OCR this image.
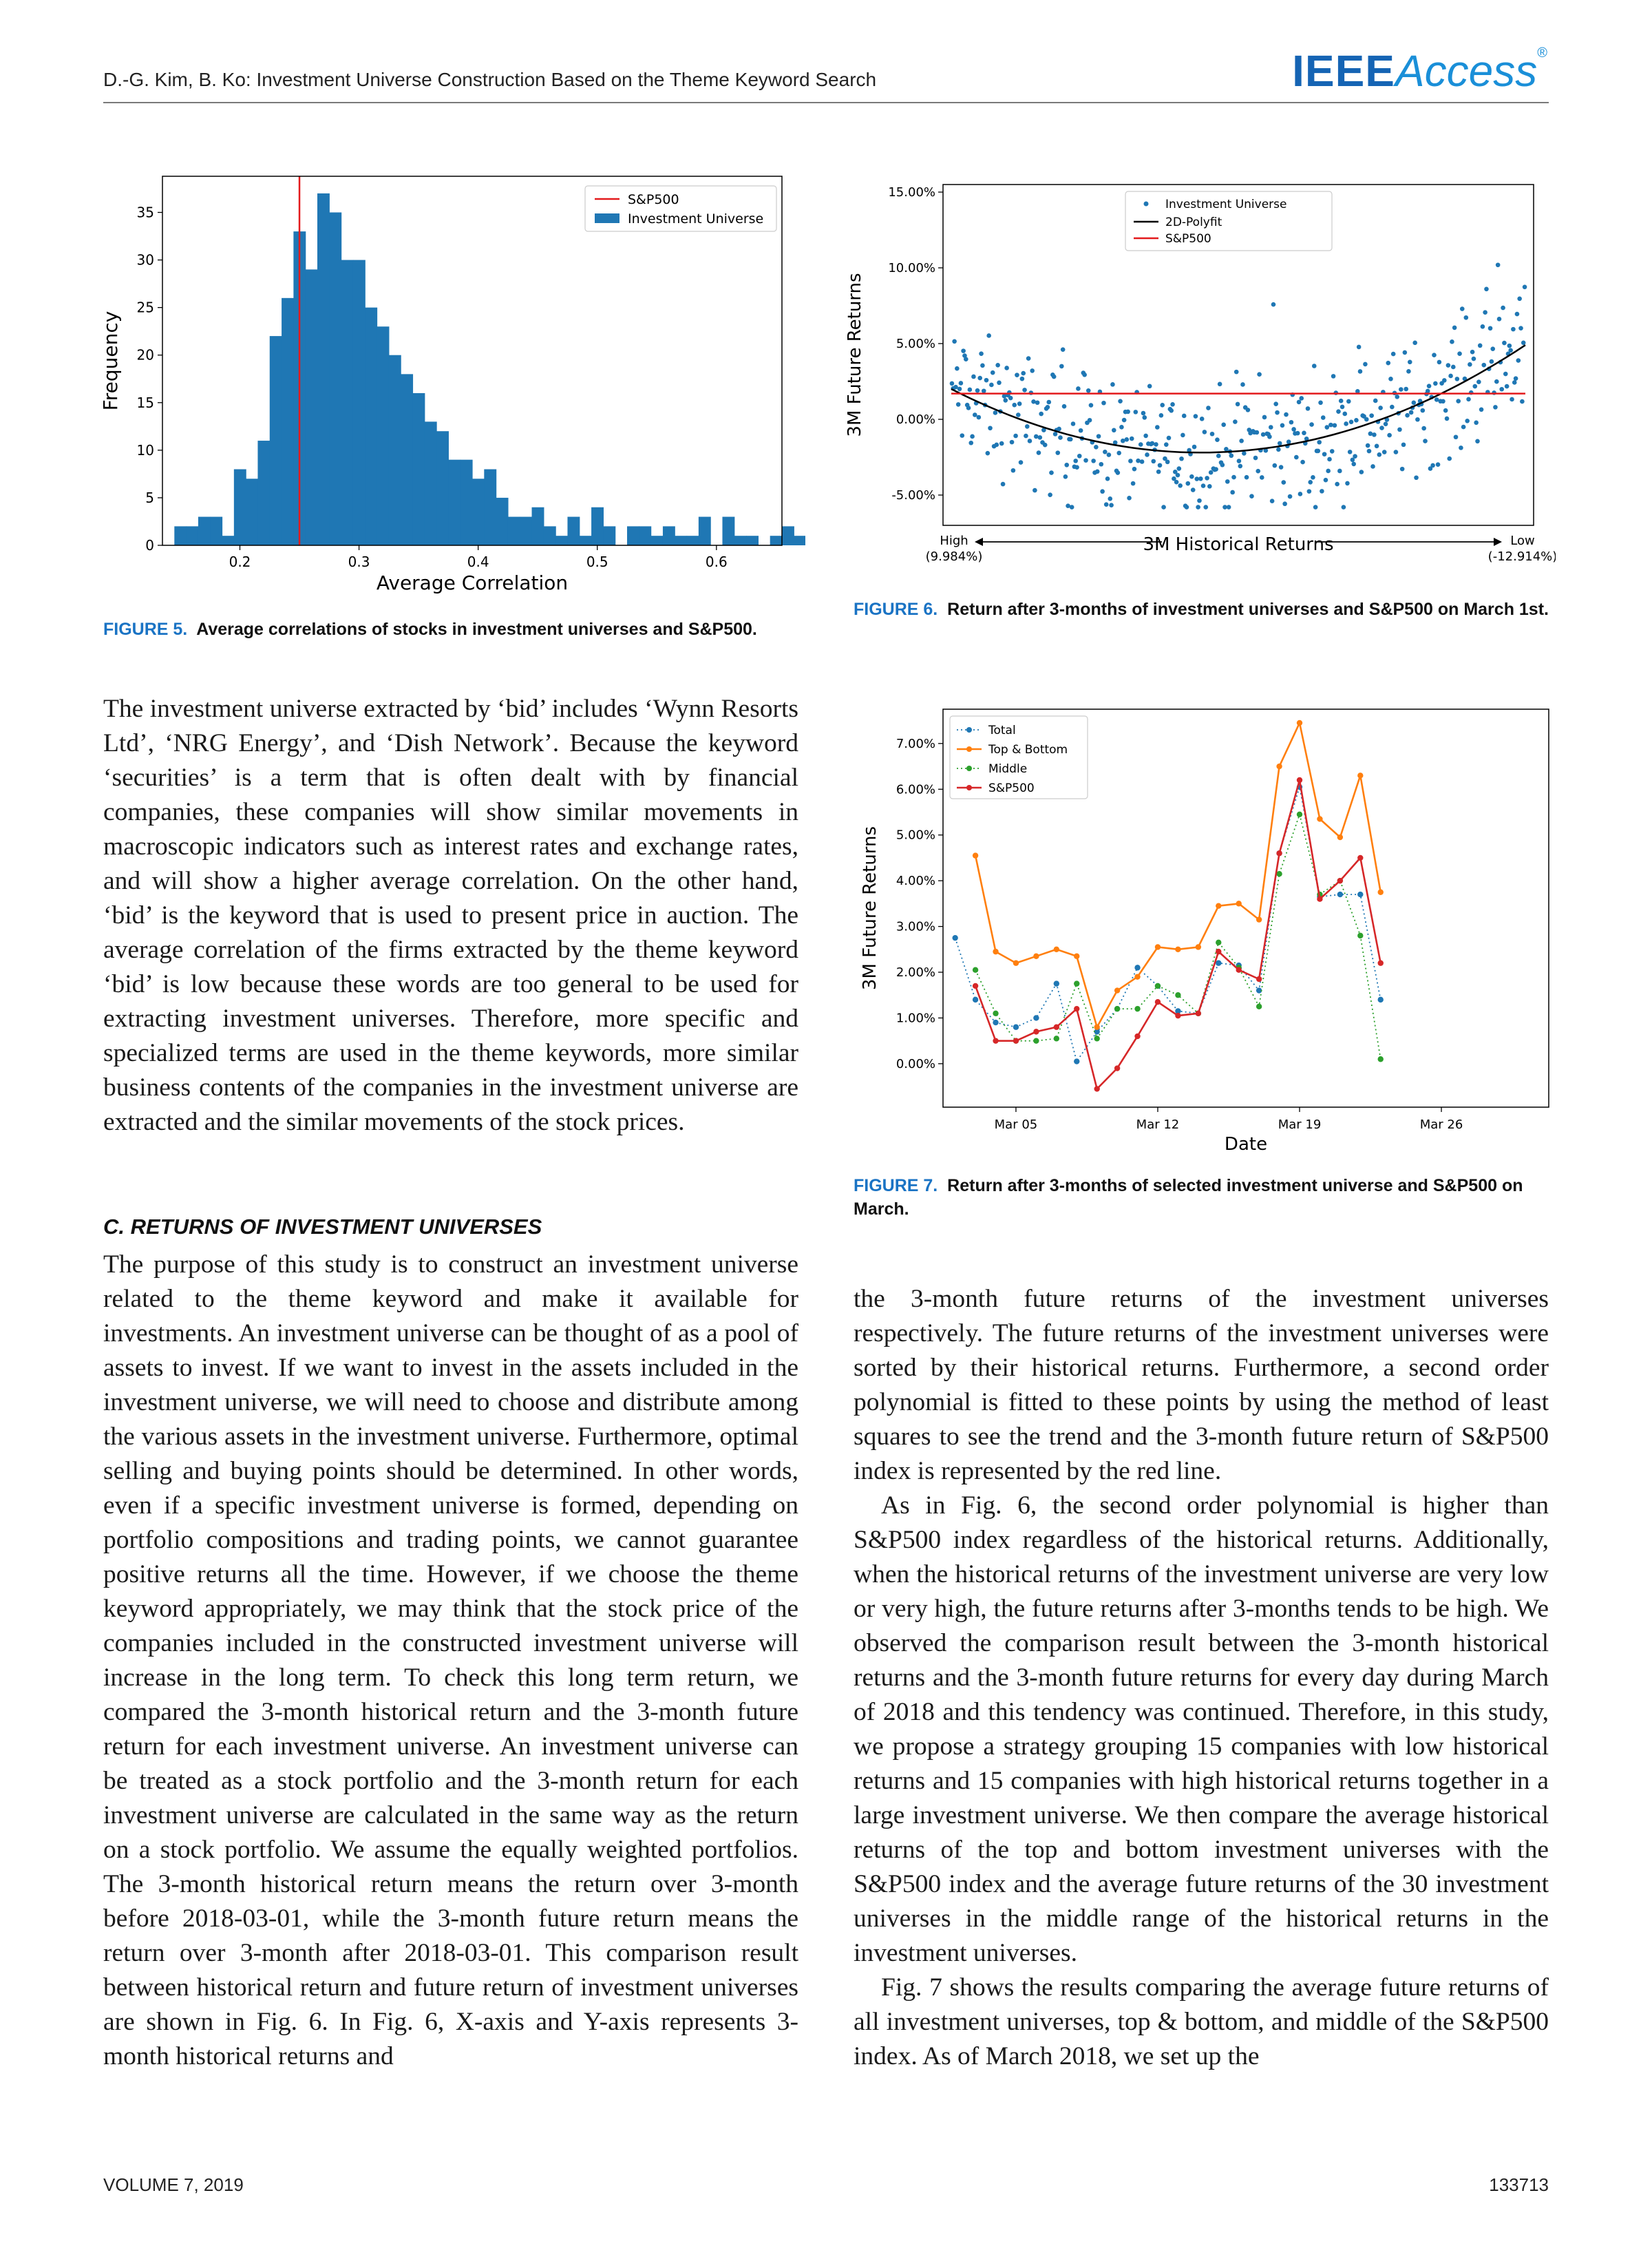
D.-G. Kim, B. Ko: Investment Universe Construction Based on the Theme Keyword Search	IEEEAccess®
0.2	0.3	0.4	0.5	0.6
0
5
10
15
20
25
30
35
Average Correlation
Frequency
S&P500
Investment Universe
FIGURE 5. Average correlations of stocks in investment universes and S&P500.
15.00%
10.00%
5.00%
0.00%
-5.00%
3M Future Returns
High
(9.984%)
Low
(-12.914%)
3M Historical Returns
Investment Universe
2D-Polyfit
S&P500
FIGURE 6. Return after 3-months of investment universes and S&P500 on March 1st.
7.00%
6.00%
5.00%
4.00%
3.00%
2.00%
1.00%
0.00%
Mar 05	Mar 12	Mar 19	Mar 26
Date
3M Future Returns
Total
Top & Bottom
Middle
S&P500
FIGURE 7. Return after 3-months of selected investment universe and S&P500 on March.

The investment universe extracted by ‘bid’ includes ‘Wynn Resorts Ltd’, ‘NRG Energy’, and ‘Dish Network’. Because the keyword ‘securities’ is a term that is often dealt with by financial companies, these companies will show similar movements in macroscopic indicators such as interest rates and exchange rates, and will show a higher average correlation. On the other hand, ‘bid’ is the keyword that is used to present price in auction. The average correlation of the firms extracted by the theme keyword ‘bid’ is low because these words are too general to be used for extracting investment universes. Therefore, more specific and specialized terms are used in the theme keywords, more similar business contents of the companies in the investment universe are extracted and the similar movements of the stock prices.

C. RETURNS OF INVESTMENT UNIVERSES

The purpose of this study is to construct an investment universe related to the theme keyword and make it available for investments. An investment universe can be thought of as a pool of assets to invest. If we want to invest in the assets included in the investment universe, we will need to choose and distribute among the various assets in the investment universe. Furthermore, optimal selling and buying points should be determined. In other words, even if a specific investment universe is formed, depending on portfolio compositions and trading points, we cannot guarantee positive returns all the time. However, if we choose the theme keyword appropriately, we may think that the stock price of the companies included in the constructed investment universe will increase in the long term. To check this long term return, we compared the 3-month historical return and the 3-month future return for each investment universe. An investment universe can be treated as a stock portfolio and the 3-month return for each investment universe are calculated in the same way as the return on a stock portfolio. We assume the equally weighted portfolios. The 3-month historical return means the return over 3-month before 2018-03-01, while the 3-month future return means the return over 3-month after 2018-03-01. This comparison result between historical return and future return of investment universes are shown in Fig. 6. In Fig. 6, X-axis and Y-axis represents 3-month historical returns and

the 3-month future returns of the investment universes respectively. The future returns of the investment universes were sorted by their historical returns. Furthermore, a second order polynomial is fitted to these points by using the method of least squares to see the trend and the 3-month future return of S&P500 index is represented by the red line.

As in Fig. 6, the second order polynomial is higher than S&P500 index regardless of the historical returns. Additionally, when the historical returns of the investment universe are very low or very high, the future returns after 3-months tends to be high. We observed the comparison result between the 3-month historical returns and the 3-month future returns for every day during March of 2018 and this tendency was continued. Therefore, in this study, we propose a strategy grouping 15 companies with low historical returns and 15 companies with high historical returns together in a large investment universe. We then compare the average historical returns of the top and bottom investment universes with the S&P500 index and the average future returns of the 30 investment universes in the middle range of the historical returns in the investment universes.

Fig. 7 shows the results comparing the average future returns of all investment universes, top & bottom, and middle of the S&P500 index. As of March 2018, we set up the

VOLUME 7, 2019	133713
